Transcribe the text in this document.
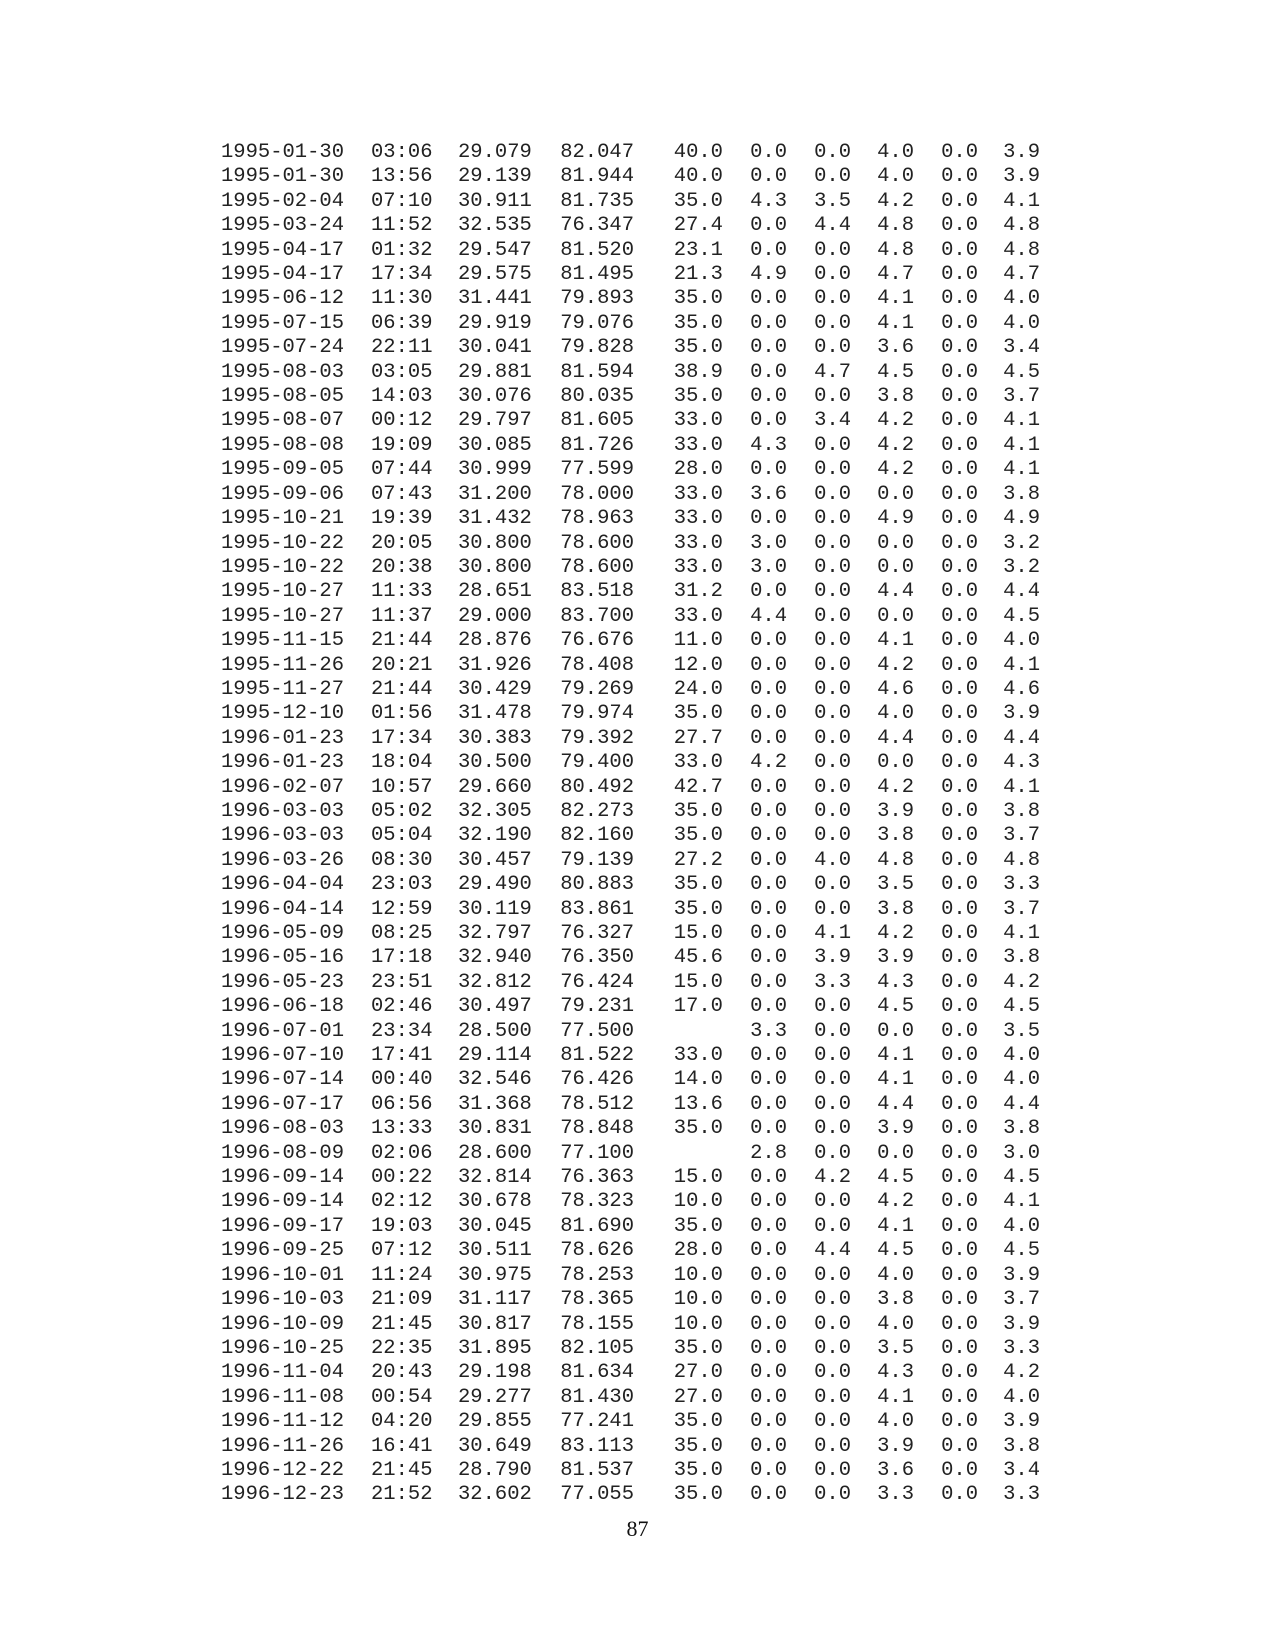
1995-01-30	03:06	29.079	82.047	40.0	0.0	0.0	4.0	0.0	3.9
1995-01-30	13:56	29.139	81.944	40.0	0.0	0.0	4.0	0.0	3.9
1995-02-04	07:10	30.911	81.735	35.0	4.3	3.5	4.2	0.0	4.1
1995-03-24	11:52	32.535	76.347	27.4	0.0	4.4	4.8	0.0	4.8
1995-04-17	01:32	29.547	81.520	23.1	0.0	0.0	4.8	0.0	4.8
1995-04-17	17:34	29.575	81.495	21.3	4.9	0.0	4.7	0.0	4.7
1995-06-12	11:30	31.441	79.893	35.0	0.0	0.0	4.1	0.0	4.0
1995-07-15	06:39	29.919	79.076	35.0	0.0	0.0	4.1	0.0	4.0
1995-07-24	22:11	30.041	79.828	35.0	0.0	0.0	3.6	0.0	3.4
1995-08-03	03:05	29.881	81.594	38.9	0.0	4.7	4.5	0.0	4.5
1995-08-05	14:03	30.076	80.035	35.0	0.0	0.0	3.8	0.0	3.7
1995-08-07	00:12	29.797	81.605	33.0	0.0	3.4	4.2	0.0	4.1
1995-08-08	19:09	30.085	81.726	33.0	4.3	0.0	4.2	0.0	4.1
1995-09-05	07:44	30.999	77.599	28.0	0.0	0.0	4.2	0.0	4.1
1995-09-06	07:43	31.200	78.000	33.0	3.6	0.0	0.0	0.0	3.8
1995-10-21	19:39	31.432	78.963	33.0	0.0	0.0	4.9	0.0	4.9
1995-10-22	20:05	30.800	78.600	33.0	3.0	0.0	0.0	0.0	3.2
1995-10-22	20:38	30.800	78.600	33.0	3.0	0.0	0.0	0.0	3.2
1995-10-27	11:33	28.651	83.518	31.2	0.0	0.0	4.4	0.0	4.4
1995-10-27	11:37	29.000	83.700	33.0	4.4	0.0	0.0	0.0	4.5
1995-11-15	21:44	28.876	76.676	11.0	0.0	0.0	4.1	0.0	4.0
1995-11-26	20:21	31.926	78.408	12.0	0.0	0.0	4.2	0.0	4.1
1995-11-27	21:44	30.429	79.269	24.0	0.0	0.0	4.6	0.0	4.6
1995-12-10	01:56	31.478	79.974	35.0	0.0	0.0	4.0	0.0	3.9
1996-01-23	17:34	30.383	79.392	27.7	0.0	0.0	4.4	0.0	4.4
1996-01-23	18:04	30.500	79.400	33.0	4.2	0.0	0.0	0.0	4.3
1996-02-07	10:57	29.660	80.492	42.7	0.0	0.0	4.2	0.0	4.1
1996-03-03	05:02	32.305	82.273	35.0	0.0	0.0	3.9	0.0	3.8
1996-03-03	05:04	32.190	82.160	35.0	0.0	0.0	3.8	0.0	3.7
1996-03-26	08:30	30.457	79.139	27.2	0.0	4.0	4.8	0.0	4.8
1996-04-04	23:03	29.490	80.883	35.0	0.0	0.0	3.5	0.0	3.3
1996-04-14	12:59	30.119	83.861	35.0	0.0	0.0	3.8	0.0	3.7
1996-05-09	08:25	32.797	76.327	15.0	0.0	4.1	4.2	0.0	4.1
1996-05-16	17:18	32.940	76.350	45.6	0.0	3.9	3.9	0.0	3.8
1996-05-23	23:51	32.812	76.424	15.0	0.0	3.3	4.3	0.0	4.2
1996-06-18	02:46	30.497	79.231	17.0	0.0	0.0	4.5	0.0	4.5
1996-07-01	23:34	28.500	77.500		3.3	0.0	0.0	0.0	3.5
1996-07-10	17:41	29.114	81.522	33.0	0.0	0.0	4.1	0.0	4.0
1996-07-14	00:40	32.546	76.426	14.0	0.0	0.0	4.1	0.0	4.0
1996-07-17	06:56	31.368	78.512	13.6	0.0	0.0	4.4	0.0	4.4
1996-08-03	13:33	30.831	78.848	35.0	0.0	0.0	3.9	0.0	3.8
1996-08-09	02:06	28.600	77.100		2.8	0.0	0.0	0.0	3.0
1996-09-14	00:22	32.814	76.363	15.0	0.0	4.2	4.5	0.0	4.5
1996-09-14	02:12	30.678	78.323	10.0	0.0	0.0	4.2	0.0	4.1
1996-09-17	19:03	30.045	81.690	35.0	0.0	0.0	4.1	0.0	4.0
1996-09-25	07:12	30.511	78.626	28.0	0.0	4.4	4.5	0.0	4.5
1996-10-01	11:24	30.975	78.253	10.0	0.0	0.0	4.0	0.0	3.9
1996-10-03	21:09	31.117	78.365	10.0	0.0	0.0	3.8	0.0	3.7
1996-10-09	21:45	30.817	78.155	10.0	0.0	0.0	4.0	0.0	3.9
1996-10-25	22:35	31.895	82.105	35.0	0.0	0.0	3.5	0.0	3.3
1996-11-04	20:43	29.198	81.634	27.0	0.0	0.0	4.3	0.0	4.2
1996-11-08	00:54	29.277	81.430	27.0	0.0	0.0	4.1	0.0	4.0
1996-11-12	04:20	29.855	77.241	35.0	0.0	0.0	4.0	0.0	3.9
1996-11-26	16:41	30.649	83.113	35.0	0.0	0.0	3.9	0.0	3.8
1996-12-22	21:45	28.790	81.537	35.0	0.0	0.0	3.6	0.0	3.4
1996-12-23	21:52	32.602	77.055	35.0	0.0	0.0	3.3	0.0	3.3
87
